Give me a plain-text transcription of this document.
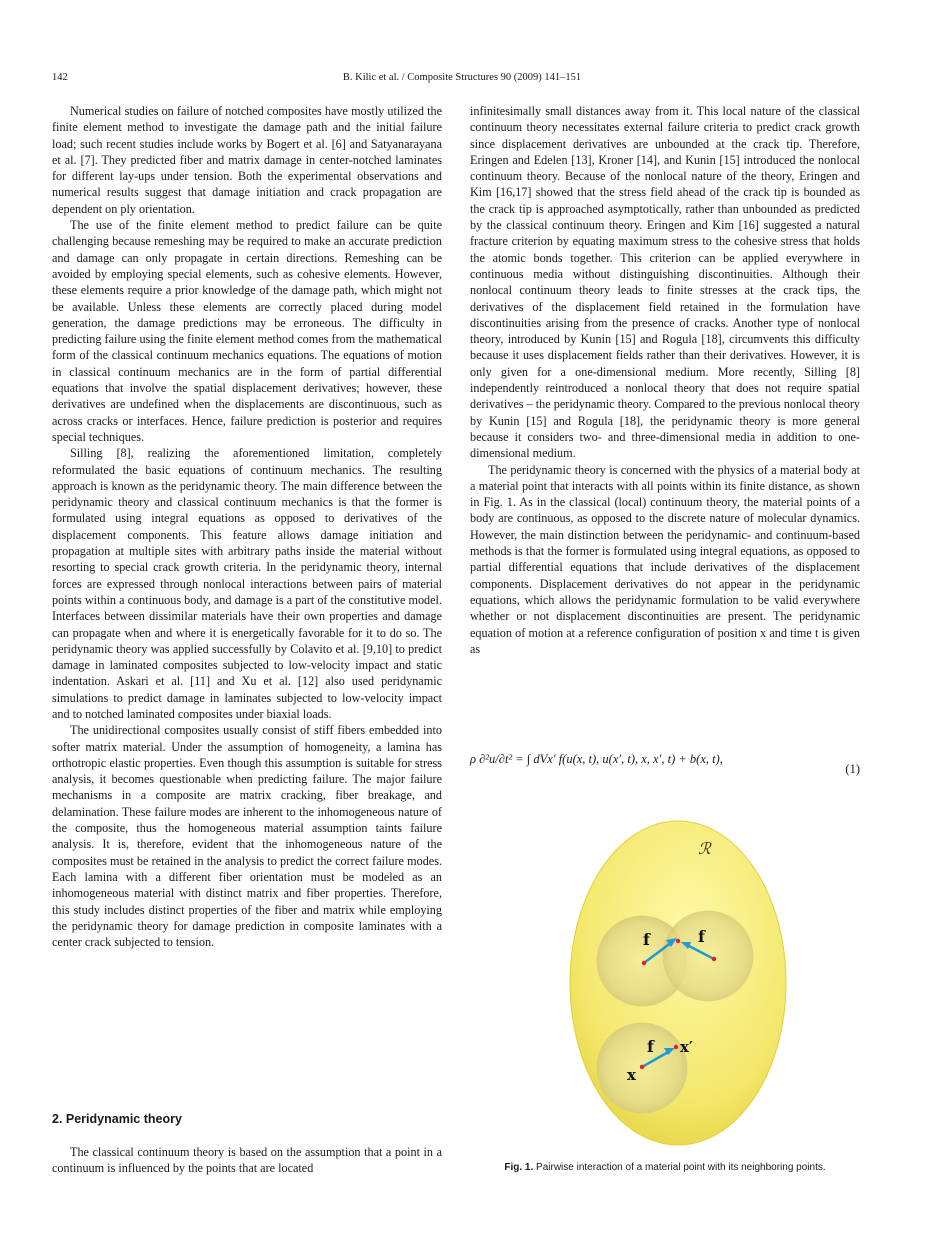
142	B. Kilic et al. / Composite Structures 90 (2009) 141–151

Numerical studies on failure of notched composites have mostly utilized the finite element method to investigate the damage path and the initial failure load; such recent studies include works by Bogert et al. [6] and Satyanarayana et al. [7]. They predicted fiber and matrix damage in center-notched laminates for different lay-ups under tension. Both the experimental observations and numerical results suggest that damage initiation and crack propagation are dependent on ply orientation.

The use of the finite element method to predict failure can be quite challenging because remeshing may be required to make an accurate prediction and damage can only propagate in certain directions. Remeshing can be avoided by employing special elements, such as cohesive elements. However, these elements require a prior knowledge of the damage path, which might not be available. Unless these elements are correctly placed during model generation, the damage predictions may be erroneous. The difficulty in predicting failure using the finite element method comes from the mathematical form of the classical continuum mechanics equations. The equations of motion in classical continuum mechanics are in the form of partial differential equations that involve the spatial displacement derivatives; however, these derivatives are undefined when the displacements are discontinuous, such as across cracks or interfaces. Hence, failure prediction is posterior and requires special techniques.

Silling [8], realizing the aforementioned limitation, completely reformulated the basic equations of continuum mechanics. The resulting approach is known as the peridynamic theory. The main difference between the peridynamic theory and classical continuum mechanics is that the former is formulated using integral equations as opposed to derivatives of the displacement components. This feature allows damage initiation and propagation at multiple sites with arbitrary paths inside the material without resorting to special crack growth criteria. In the peridynamic theory, internal forces are expressed through nonlocal interactions between pairs of material points within a continuous body, and damage is a part of the constitutive model. Interfaces between dissimilar materials have their own properties and damage can propagate when and where it is energetically favorable for it to do so. The peridynamic theory was applied successfully by Colavito et al. [9,10] to predict damage in laminated composites subjected to low-velocity impact and static indentation. Askari et al. [11] and Xu et al. [12] also used peridynamic simulations to predict damage in laminates subjected to low-velocity impact and to notched laminated composites under biaxial loads.

The unidirectional composites usually consist of stiff fibers embedded into softer matrix material. Under the assumption of homogeneity, a lamina has orthotropic elastic properties. Even though this assumption is suitable for stress analysis, it becomes questionable when predicting failure. The major failure mechanisms in a composite are matrix cracking, fiber breakage, and delamination. These failure modes are inherent to the inhomogeneous nature of the composite, thus the homogeneous material assumption taints failure analysis. It is, therefore, evident that the inhomogeneous nature of the composites must be retained in the analysis to predict the correct failure modes. Each lamina with a different fiber orientation must be modeled as an inhomogeneous material with distinct matrix and fiber properties. Therefore, this study includes distinct properties of the fiber and matrix while employing the peridynamic theory for damage prediction in composite laminates with a center crack subjected to tension.

2. Peridynamic theory

The classical continuum theory is based on the assumption that a point in a continuum is influenced by the points that are located

infinitesimally small distances away from it. This local nature of the classical continuum theory necessitates external failure criteria to predict crack growth since displacement derivatives are unbounded at the crack tip. Therefore, Eringen and Edelen [13], Kroner [14], and Kunin [15] introduced the nonlocal continuum theory. Because of the nonlocal nature of the theory, Eringen and Kim [16,17] showed that the stress field ahead of the crack tip is bounded as the crack tip is approached asymptotically, rather than unbounded as predicted by the classical continuum theory. Eringen and Kim [16] suggested a natural fracture criterion by equating maximum stress to the cohesive stress that holds the atomic bonds together. This criterion can be applied everywhere in continuous media without distinguishing discontinuities. Although their nonlocal continuum theory leads to finite stresses at the crack tips, the derivatives of the displacement field retained in the formulation have discontinuities arising from the presence of cracks. Another type of nonlocal theory, introduced by Kunin [15] and Rogula [18], circumvents this difficulty because it uses displacement fields rather than their derivatives. However, it is only given for a one-dimensional medium. More recently, Silling [8] independently reintroduced a nonlocal theory that does not require spatial derivatives – the peridynamic theory. Compared to the previous nonlocal theory by Kunin [15] and Rogula [18], the peridynamic theory is more general because it considers two- and three-dimensional media in addition to one-dimensional medium.

The peridynamic theory is concerned with the physics of a material body at a material point that interacts with all points within its finite distance, as shown in Fig. 1. As in the classical (local) continuum theory, the material points of a body are continuous, as opposed to the discrete nature of molecular dynamics. However, the main distinction between the peridynamic- and continuum-based methods is that the former is formulated using integral equations, as opposed to partial differential equations that include derivatives of the displacement components. Displacement derivatives do not appear in the peridynamic equations, which allows the peridynamic formulation to be valid everywhere whether or not displacement discontinuities are present. The peridynamic equation of motion at a reference configuration of position x and time t is given as

ρ ∂²u/∂t² = ∫ dVx′ f(u(x, t), u(x′, t), x, x′, t) + b(x, t),
(1)
ℛ
f	f
f
x
x′
Fig. 1. Pairwise interaction of a material point with its neighboring points.
